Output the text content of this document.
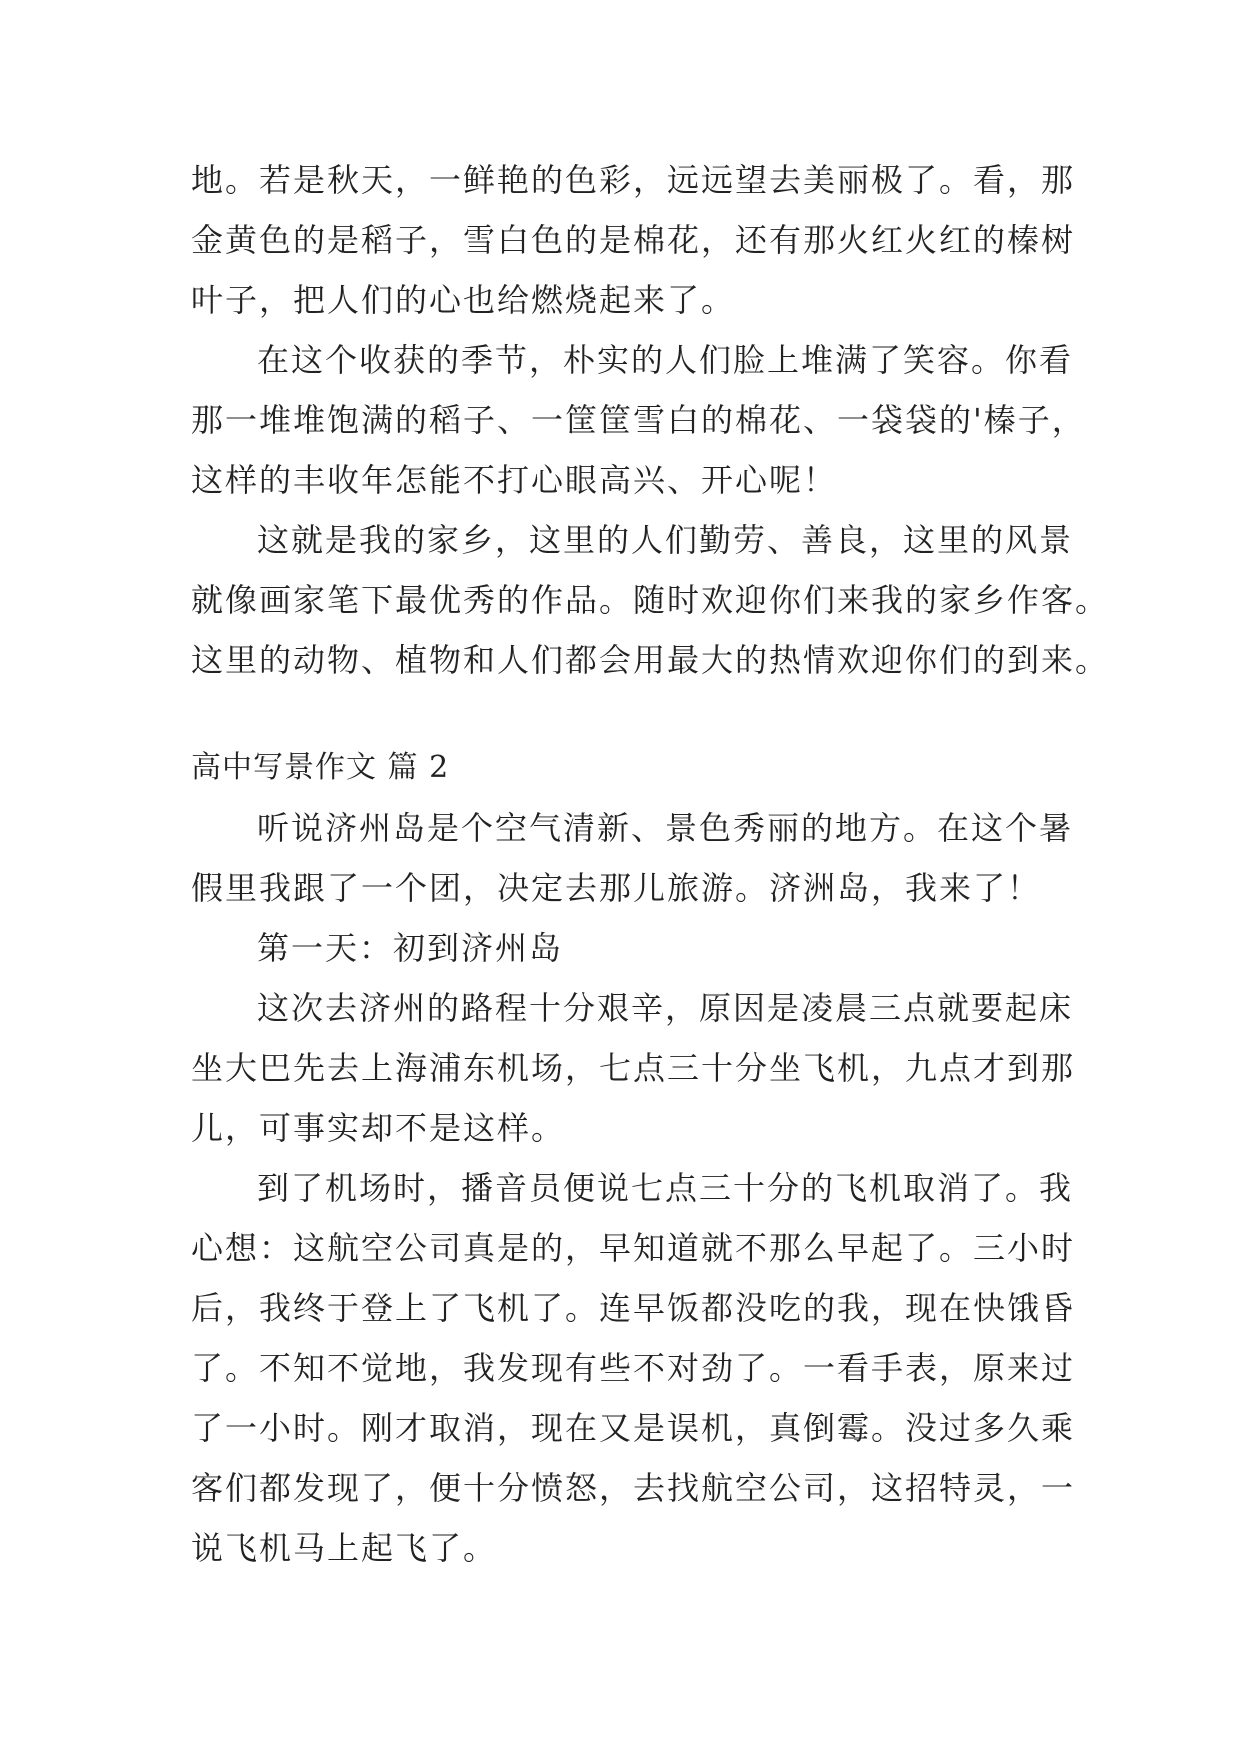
地。若是秋天，一鲜艳的色彩，远远望去美丽极了。看，那
金黄色的是稻子，雪白色的是棉花，还有那火红火红的榛树
叶子，把人们的心也给燃烧起来了。
在这个收获的季节，朴实的人们脸上堆满了笑容。你看
那一堆堆饱满的稻子、一筐筐雪白的棉花、一袋袋的'榛子，
这样的丰收年怎能不打心眼高兴、开心呢！
这就是我的家乡，这里的人们勤劳、善良，这里的风景
就像画家笔下最优秀的作品。随时欢迎你们来我的家乡作客。
这里的动物、植物和人们都会用最大的热情欢迎你们的到来。
高中写景作文 篇 2
听说济州岛是个空气清新、景色秀丽的地方。在这个暑
假里我跟了一个团，决定去那儿旅游。济洲岛，我来了！
第一天：初到济州岛
这次去济州的路程十分艰辛，原因是凌晨三点就要起床
坐大巴先去上海浦东机场，七点三十分坐飞机，九点才到那
儿，可事实却不是这样。
到了机场时，播音员便说七点三十分的飞机取消了。我
心想：这航空公司真是的，早知道就不那么早起了。三小时
后，我终于登上了飞机了。连早饭都没吃的我，现在快饿昏
了。不知不觉地，我发现有些不对劲了。一看手表，原来过
了一小时。刚才取消，现在又是误机，真倒霉。没过多久乘
客们都发现了，便十分愤怒，去找航空公司，这招特灵，一
说飞机马上起飞了。
